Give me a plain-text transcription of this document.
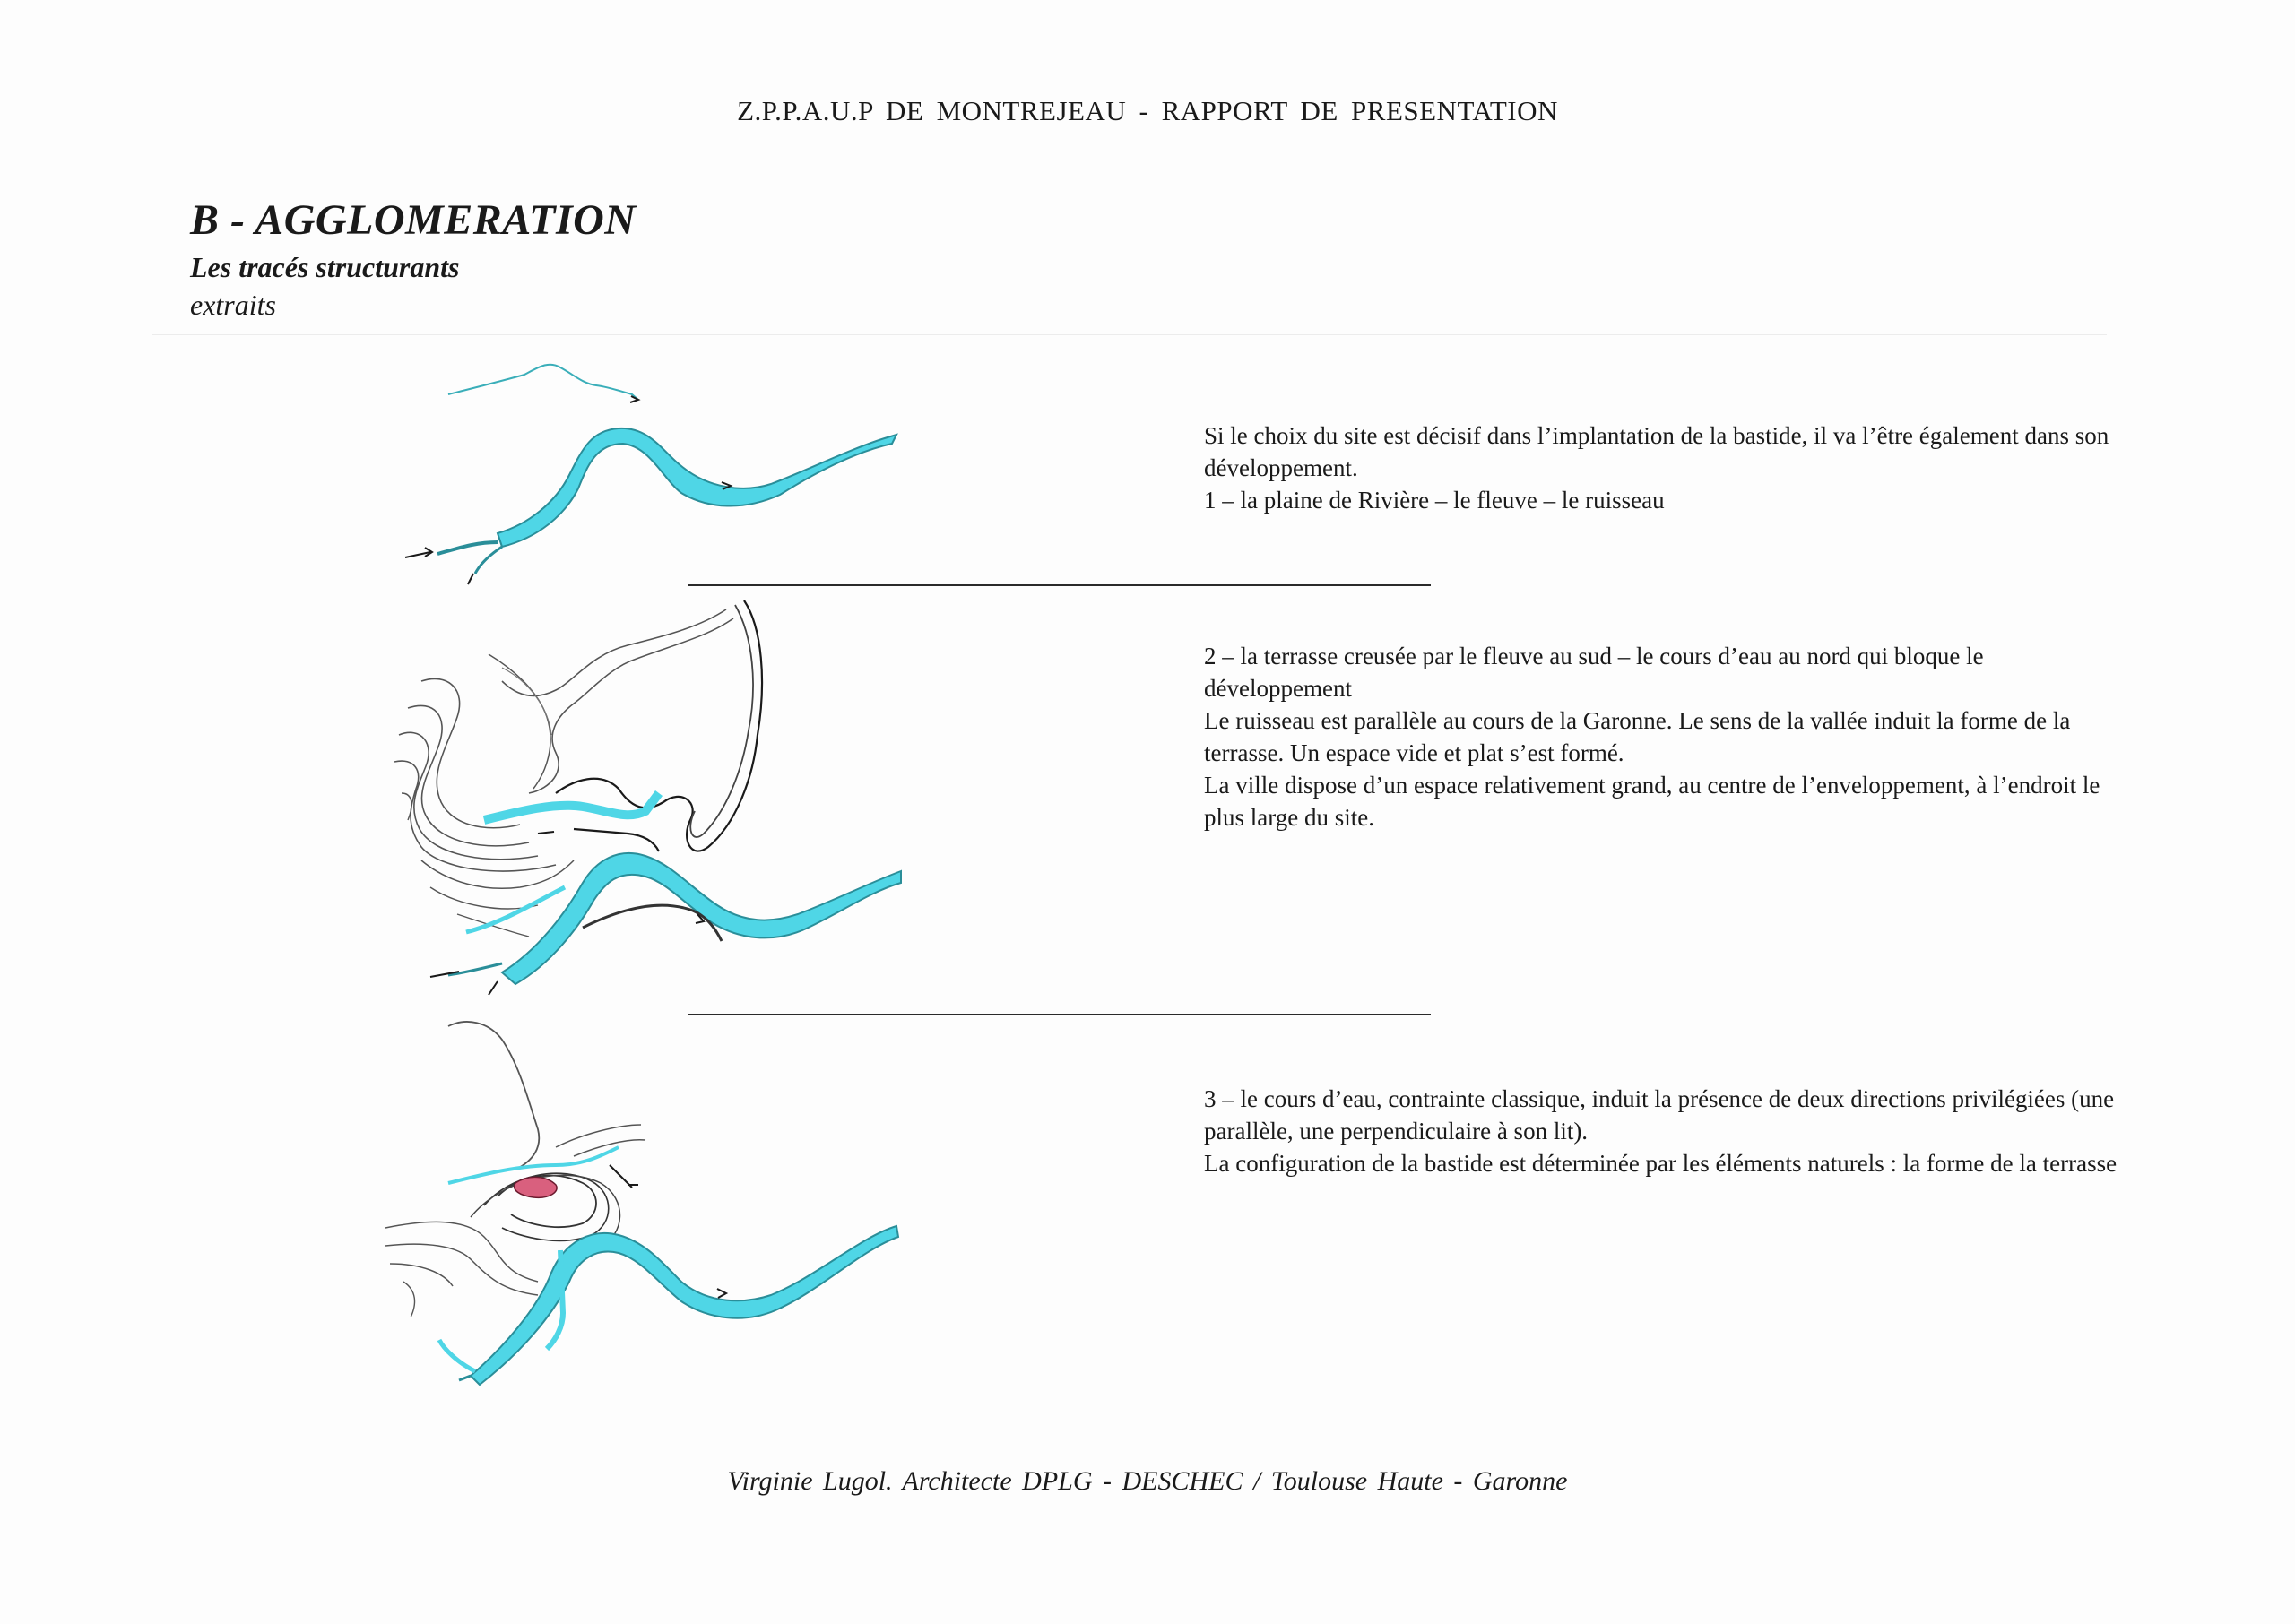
Z.P.P.A.U.P DE MONTREJEAU - RAPPORT DE PRESENTATION
B - AGGLOMERATION
Les tracés structurants
extraits

Si le choix du site est décisif dans l’implantation de la bastide, il va l’être également dans son développement.

1 – la plaine de Rivière – le fleuve – le ruisseau

2 – la terrasse creusée par le fleuve au sud – le cours d’eau au nord qui bloque le développement

Le ruisseau est parallèle au cours de la Garonne. Le sens de la vallée induit la forme de la terrasse. Un espace vide et plat s’est formé.

La ville dispose d’un espace relativement grand, au centre de l’enveloppement, à l’endroit le plus large du site.

3 – le cours d’eau, contrainte classique, induit la présence de deux directions privilégiées (une parallèle, une perpendiculaire à son lit).

La configuration de la bastide est déterminée par les éléments naturels : la forme de la terrasse

Virginie Lugol. Architecte DPLG - DESCHEC / Toulouse Haute - Garonne
